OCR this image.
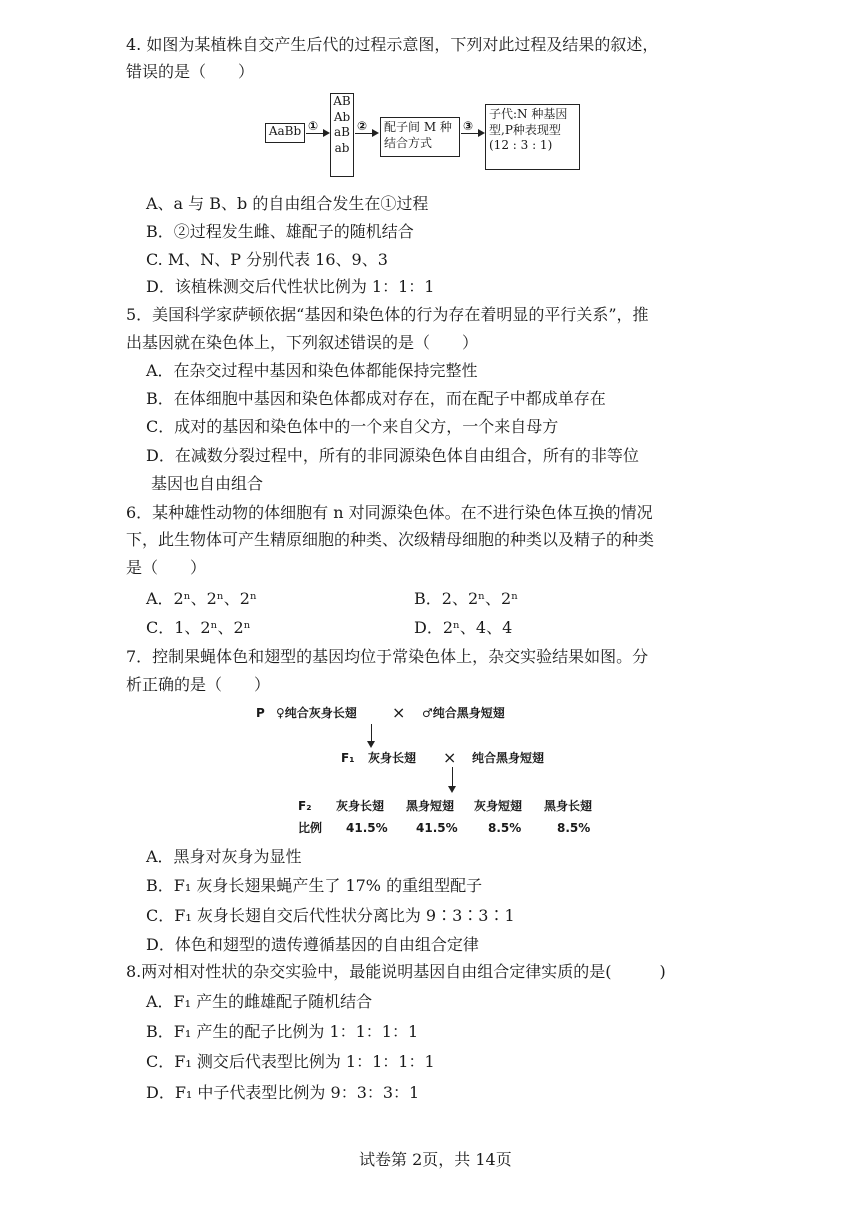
4. 如图为某植株自交产生后代的过程示意图，下列对此过程及结果的叙述，
错误的是（　　）
AaBb ①
AB
Ab
aB
ab
② 配子间 M 种
结合方式
③
子代:N 种基因
型,P种表现型
(12 : 3 : 1)
A、a 与 B、b 的自由组合发生在①过程
B．②过程发生雌、雄配子的随机结合
C. M、N、P 分别代表 16、9、3
D．该植株测交后代性状比例为 1：1：1
5．美国科学家萨顿依据“基因和染色体的行为存在着明显的平行关系”，推
出基因就在染色体上，下列叙述错误的是（　　）
A．在杂交过程中基因和染色体都能保持完整性
B．在体细胞中基因和染色体都成对存在，而在配子中都成单存在
C．成对的基因和染色体中的一个来自父方，一个来自母方
D．在减数分裂过程中，所有的非同源染色体自由组合，所有的非等位
基因也自由组合
6．某种雄性动物的体细胞有 n 对同源染色体。在不进行染色体互换的情况
下，此生物体可产生精原细胞的种类、次级精母细胞的种类以及精子的种类
是（　　）
A．2ⁿ、2ⁿ、2ⁿ	B．2、2ⁿ、2ⁿ
C．1、2ⁿ、2ⁿ	D．2ⁿ、4、4
7．控制果蝇体色和翅型的基因均位于常染色体上，杂交实验结果如图。分
析正确的是（　　）
P ♀纯合灰身长翅 × ♂纯合黑身短翅
F₁ 灰身长翅 × 纯合黑身短翅
F₂ 灰身长翅 黑身短翅 灰身短翅 黑身长翅
比例 41.5% 41.5%	8.5%	8.5%
A．黑身对灰身为显性
B．F₁ 灰身长翅果蝇产生了 17% 的重组型配子
C．F₁ 灰身长翅自交后代性状分离比为 9∶3∶3∶1
D．体色和翅型的遗传遵循基因的自由组合定律
8.两对相对性状的杂交实验中，最能说明基因自由组合定律实质的是(　　　)
A．F₁ 产生的雌雄配子随机结合
B．F₁ 产生的配子比例为 1：1：1：1
C．F₁ 测交后代表型比例为 1：1：1：1
D．F₁ 中子代表型比例为 9：3：3：1
试卷第 2页，共 14页
